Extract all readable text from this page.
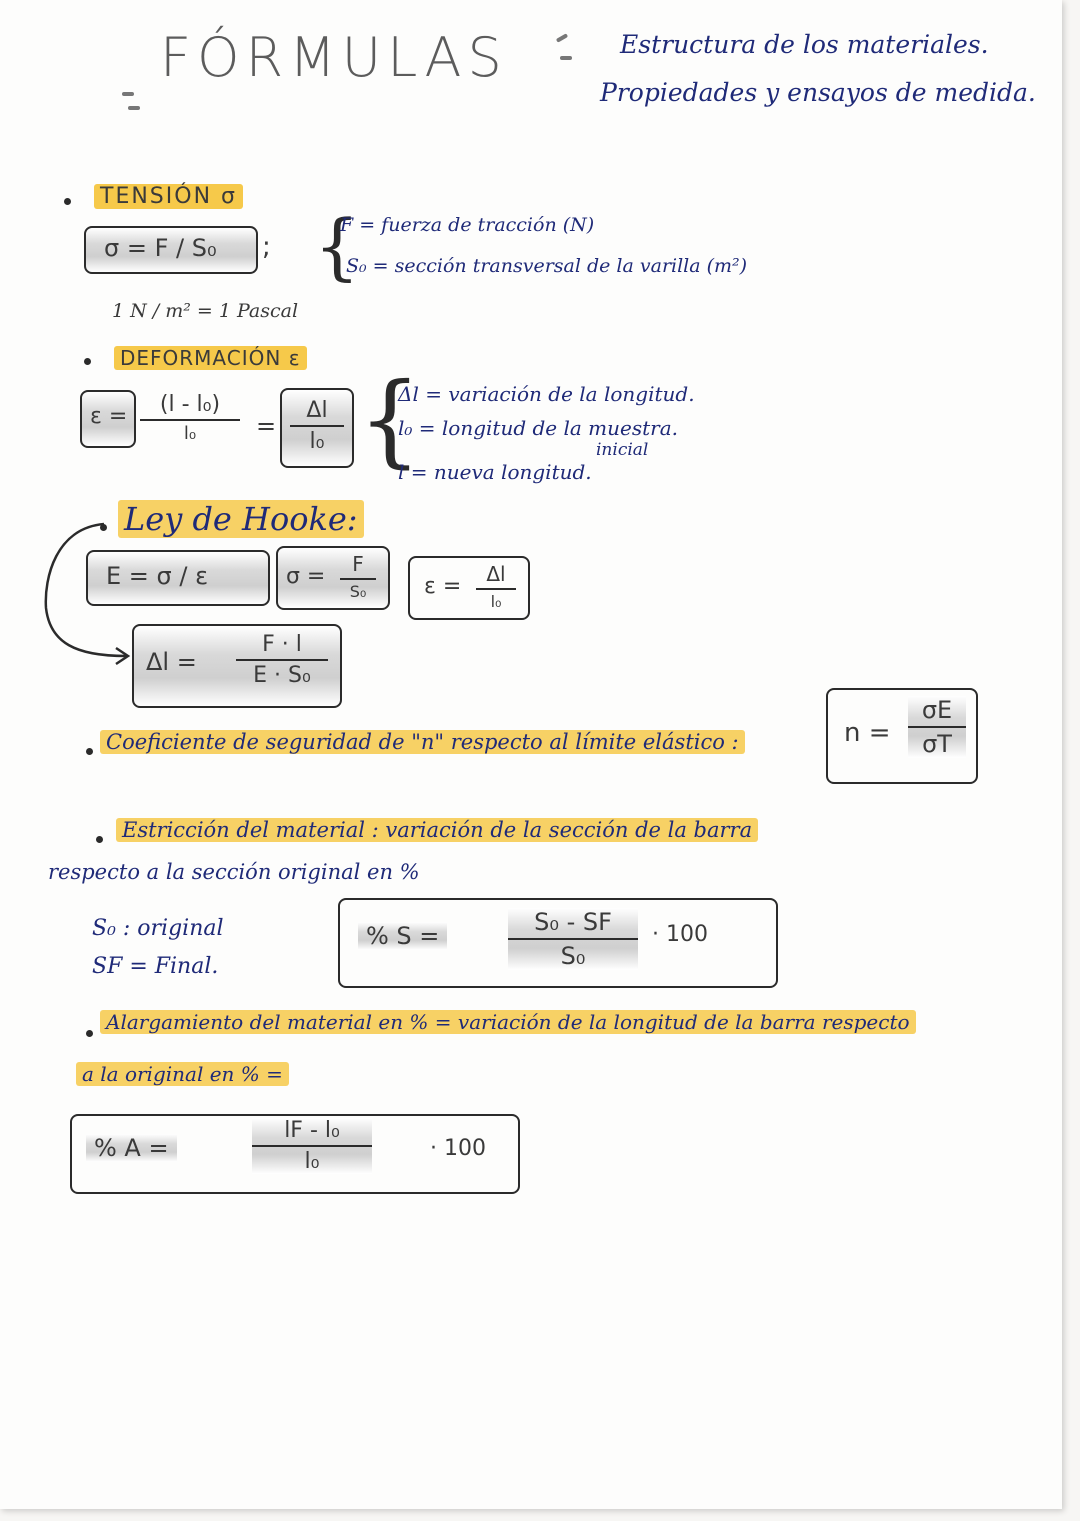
FÓRMULAS	Estructura de los materiales.
Propiedades y ensayos de medida.
TENSIÓN σ
σ = F / S₀ ; {
F = fuerza de tracción (N)
S₀ = sección transversal de la varilla (m²)
1 N / m² = 1 Pascal
DEFORMACIÓN ε
ε =	(l - l₀)
l₀	=
Δl
l₀ {
Δl = variación de la longitud.
l₀ = longitud de la muestra.
inicial
l = nueva longitud.
Ley de Hooke:
E = σ / ε	σ =	F
S₀	ε =	Δl
l₀
Δl =
F · l
E · S₀
Coeficiente de seguridad de "n" respecto al límite elástico :	n =
σE
σT
Estricción del material : variación de la sección de la barra
respecto a la sección original en %
S₀ : original
SF = Final.
% S =	S₀ - SF
S₀
· 100
Alargamiento del material en % = variación de la longitud de la barra respecto
a la original en % =
% A =
lF - l₀
l₀
· 100
